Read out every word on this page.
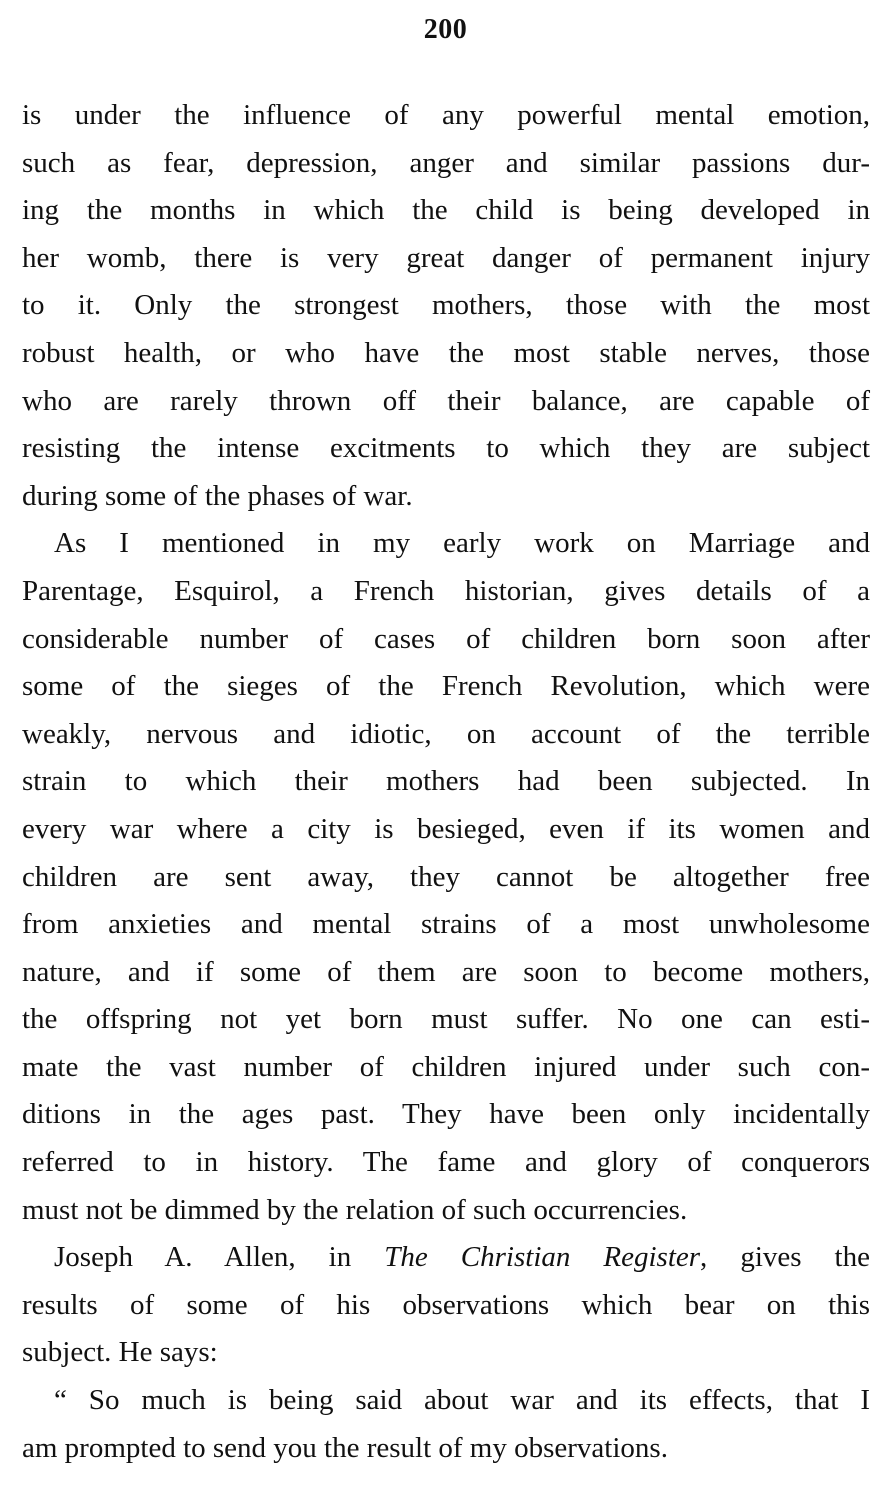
200
is under the influence of any powerful mental emotion,
such as fear, depression, anger and similar passions dur-
ing the months in which the child is being developed in
her womb, there is very great danger of permanent injury
to it. Only the strongest mothers, those with the most
robust health, or who have the most stable nerves, those
who are rarely thrown off their balance, are capable of
resisting the intense excitments to which they are subject
during some of the phases of war.
As I mentioned in my early work on Marriage and
Parentage, Esquirol, a French historian, gives details of a
considerable number of cases of children born soon after
some of the sieges of the French Revolution, which were
weakly, nervous and idiotic, on account of the terrible
strain to which their mothers had been subjected. In
every war where a city is besieged, even if its women and
children are sent away, they cannot be altogether free
from anxieties and mental strains of a most unwholesome
nature, and if some of them are soon to become mothers,
the offspring not yet born must suffer. No one can esti-
mate the vast number of children injured under such con-
ditions in the ages past. They have been only incidentally
referred to in history. The fame and glory of conquerors
must not be dimmed by the relation of such occurrencies.
Joseph A. Allen, in The Christian Register, gives the
results of some of his observations which bear on this
subject. He says:
“ So much is being said about war and its effects, that I
am prompted to send you the result of my observations.
